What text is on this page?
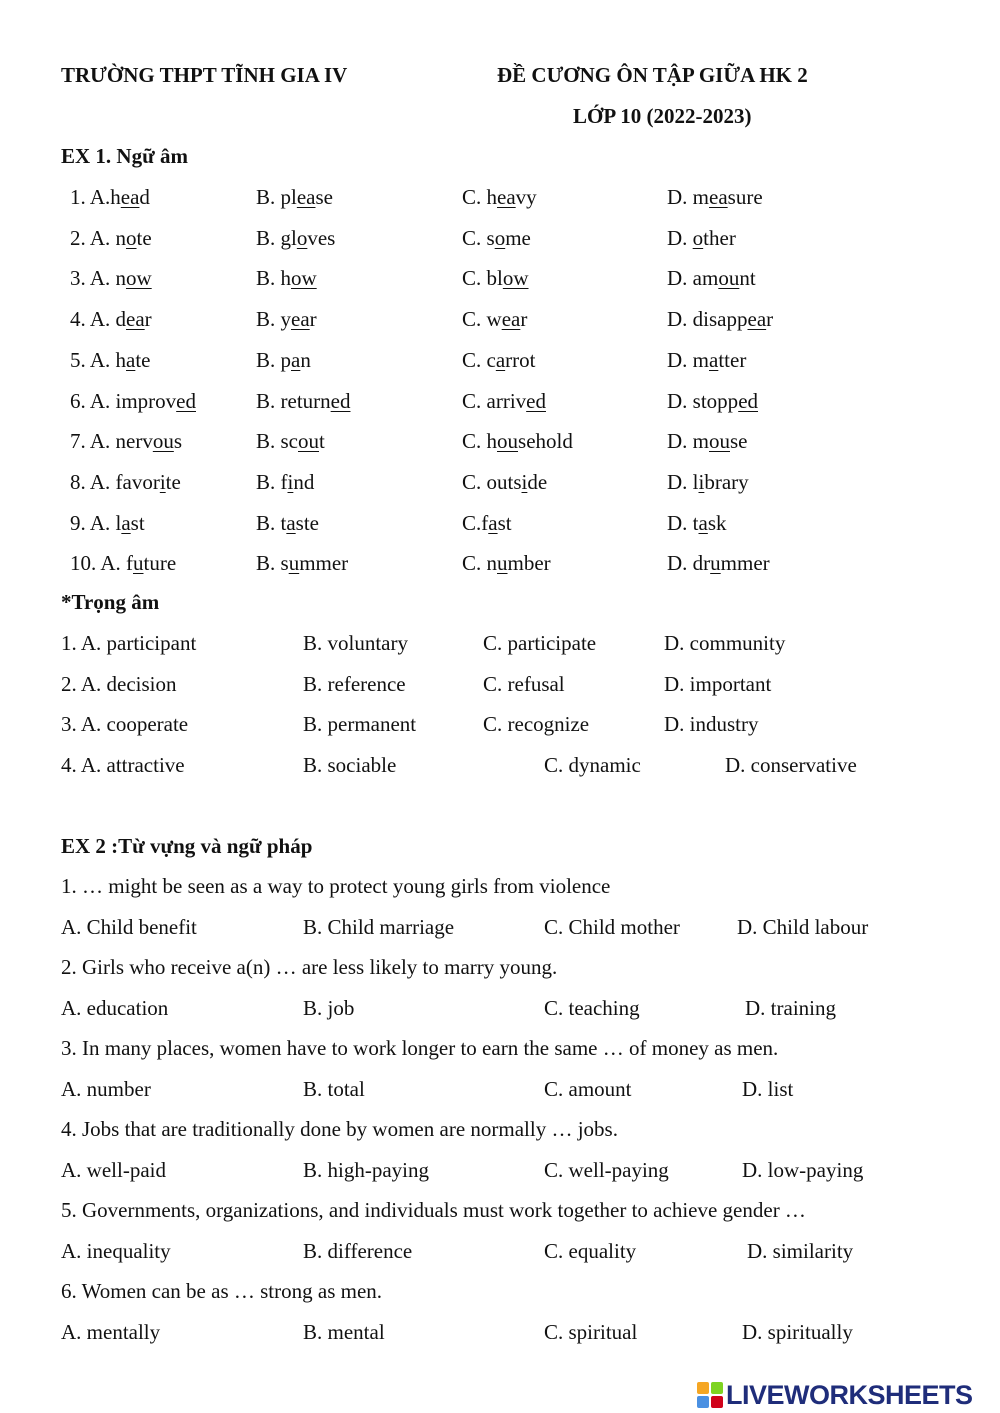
TRƯỜNG THPT TĨNH GIA IV	ĐỀ CƯƠNG ÔN TẬP GIỮA HK 2
LỚP 10 (2022-2023)
EX 1. Ngữ âm
1. A.head	B. please	C. heavy	D. measure
2. A. note	B. gloves	C. some	D. other
3. A. now	B. how	C. blow	D. amount
4. A. dear	B. year	C. wear	D. disappear
5. A. hate	B. pan	C. carrot	D. matter
6. A. improved	B. returned	C. arrived	D. stopped
7. A. nervous	B. scout	C. household	D. mouse
8. A. favorite	B. find	C. outside	D. library
9. A. last	B. taste	C.fast	D. task
10. A. future	B. summer	C. number	D. drummer
*Trọng âm
1. A. participant	B. voluntary	C. participate	D. community
2. A. decision	B. reference	C. refusal	D. important
3. A. cooperate	B. permanent	C. recognize	D. industry
4. A. attractive	B. sociable	C. dynamic	D. conservative
EX 2 :Từ vựng và ngữ pháp
1. … might be seen as a way to protect young girls from violence
A. Child benefit	B. Child marriage	C. Child mother	D. Child labour
2. Girls who receive a(n) … are less likely to marry young.
A. education	B. job	C. teaching	D. training
3. In many places, women have to work longer to earn the same … of money as men.
A. number	B. total	C. amount	D. list
4. Jobs that are traditionally done by women are normally … jobs.
A. well-paid	B. high-paying	C. well-paying	D. low-paying
5. Governments, organizations, and individuals must work together to achieve gender …
A. inequality	B. difference	C. equality	D. similarity
6. Women can be as … strong as men.
A. mentally	B. mental	C. spiritual	D. spiritually
LIVEWORKSHEETS
